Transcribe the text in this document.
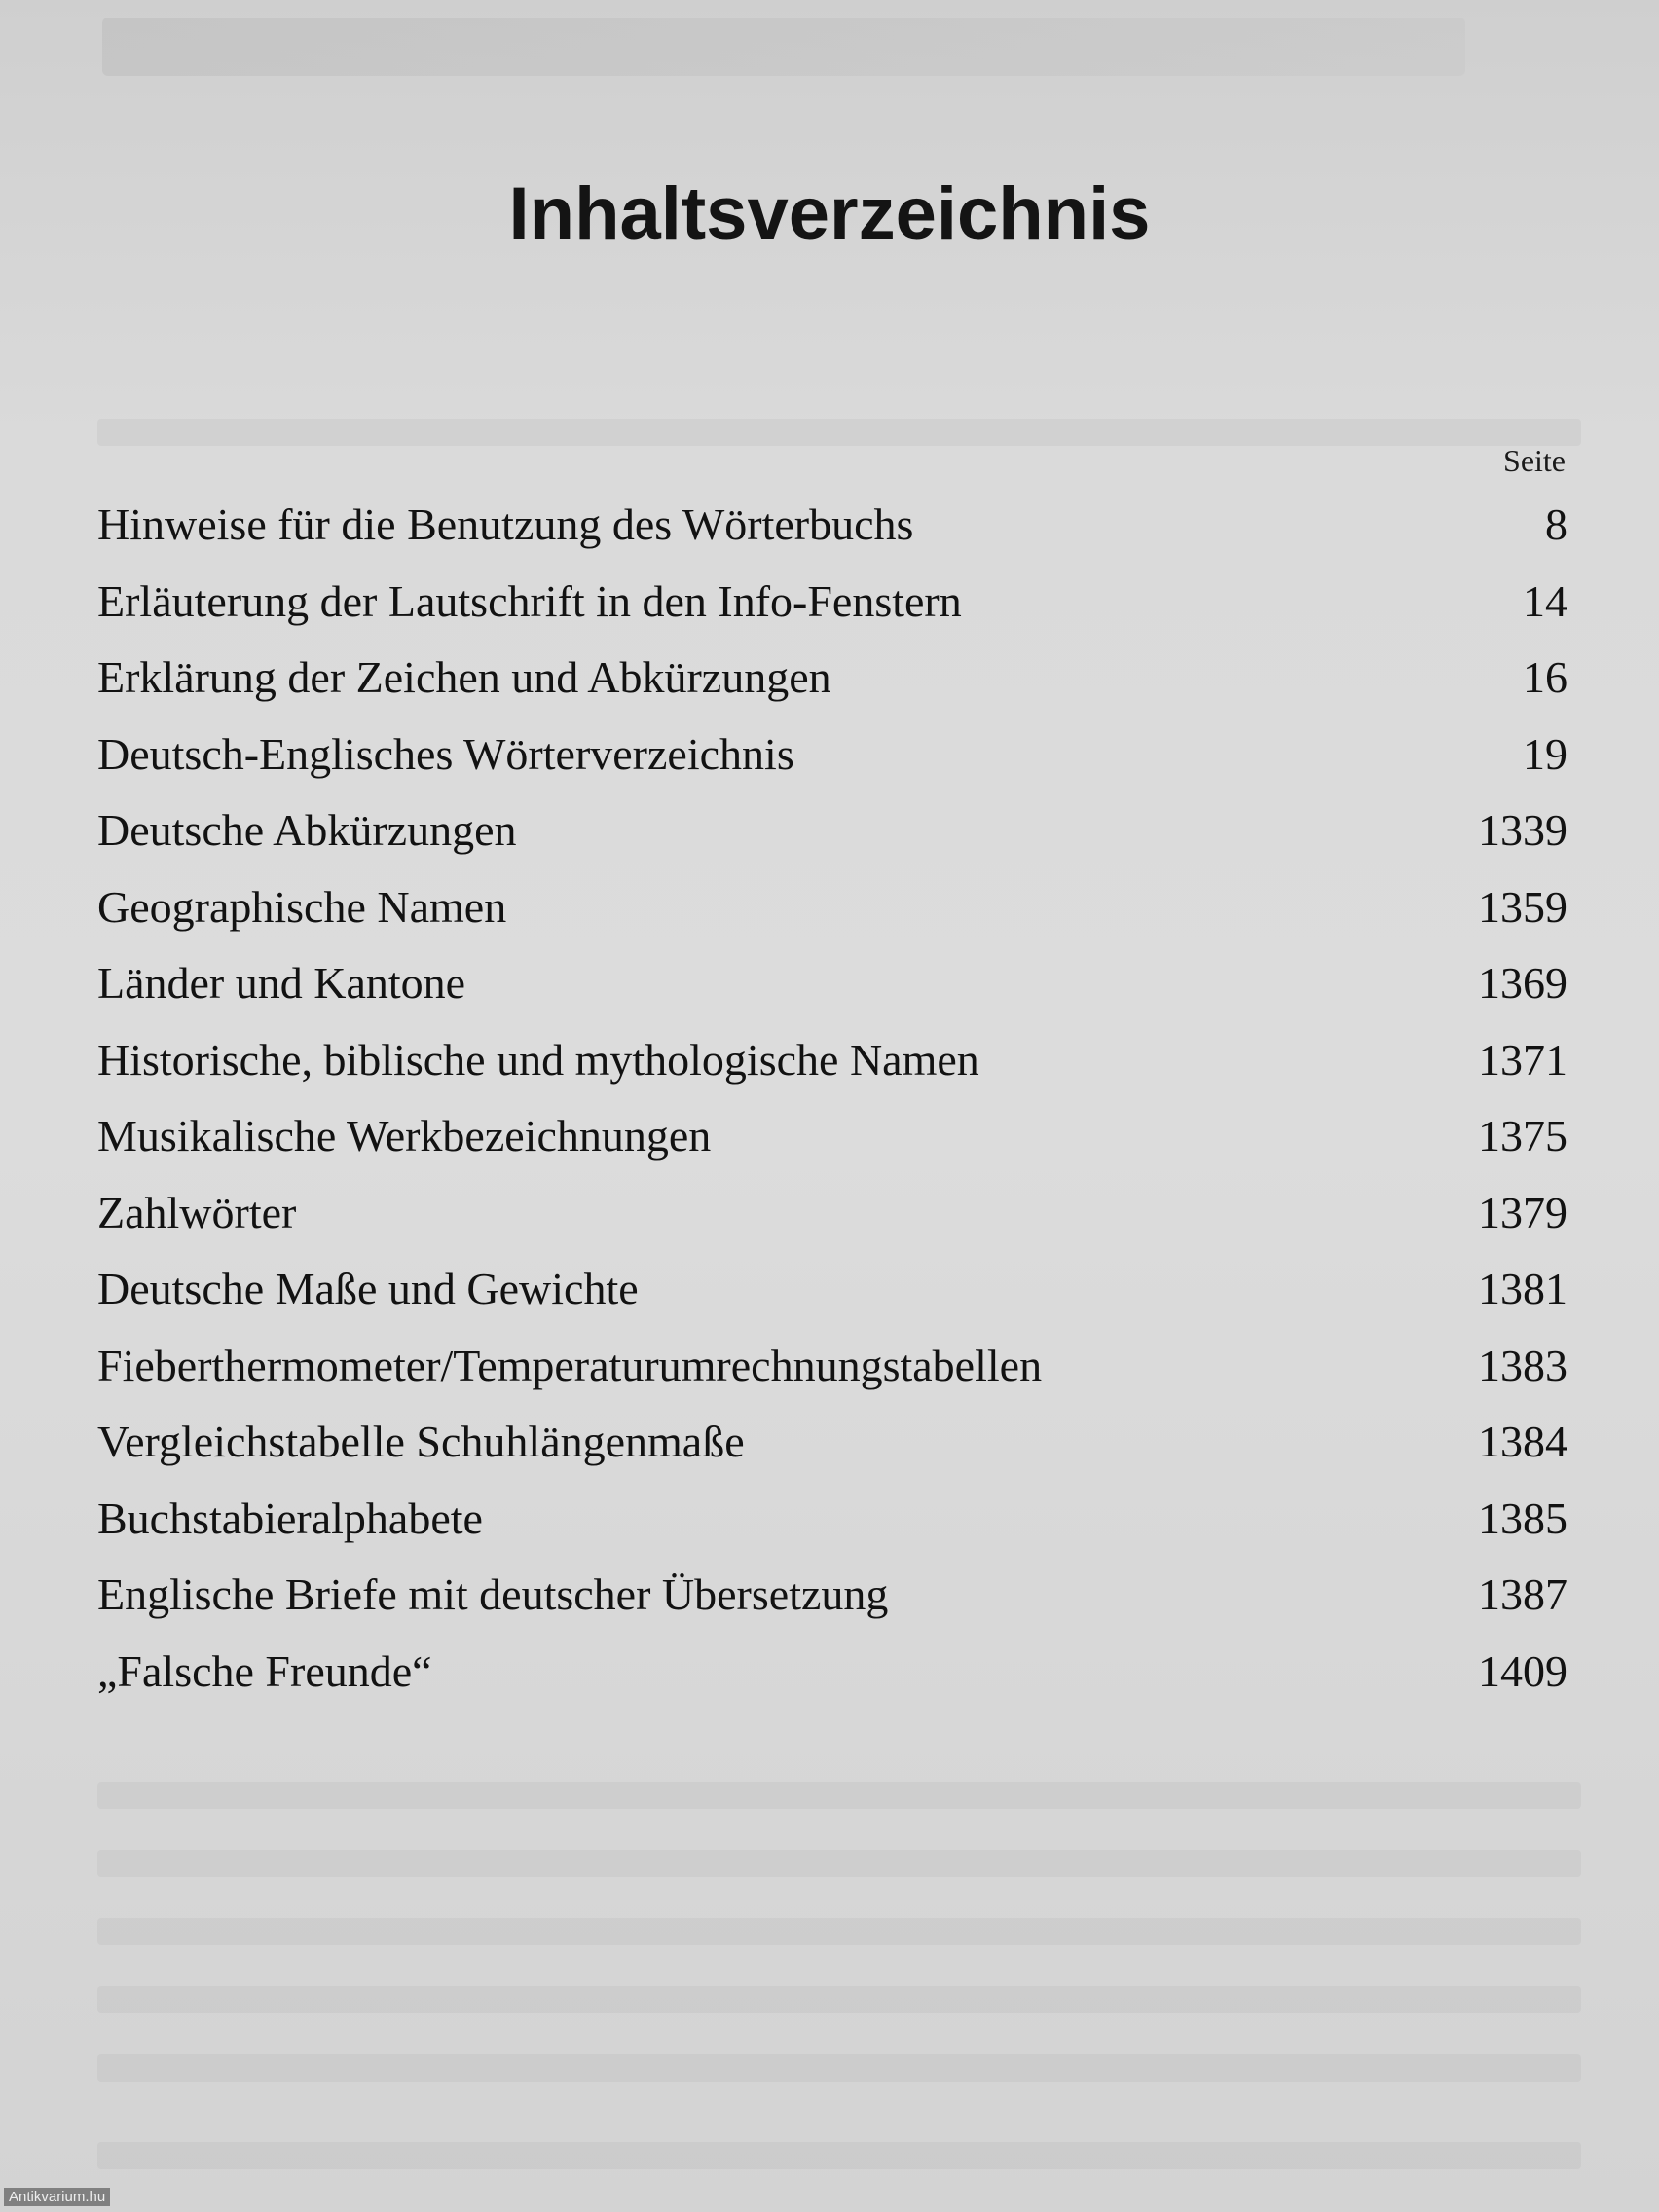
Inhaltsverzeichnis
Seite
Hinweise für die Benutzung des Wörterbuchs	8
Erläuterung der Lautschrift in den Info-Fenstern	14
Erklärung der Zeichen und Abkürzungen	16
Deutsch-Englisches Wörterverzeichnis	19
Deutsche Abkürzungen	1339
Geographische Namen	1359
Länder und Kantone	1369
Historische, biblische und mythologische Namen	1371
Musikalische Werkbezeichnungen	1375
Zahlwörter	1379
Deutsche Maße und Gewichte	1381
Fieberthermometer/Temperaturumrechnungstabellen	1383
Vergleichstabelle Schuhlängenmaße	1384
Buchstabieralphabete	1385
Englische Briefe mit deutscher Übersetzung	1387
„Falsche Freunde“	1409
Antikvarium.hu
